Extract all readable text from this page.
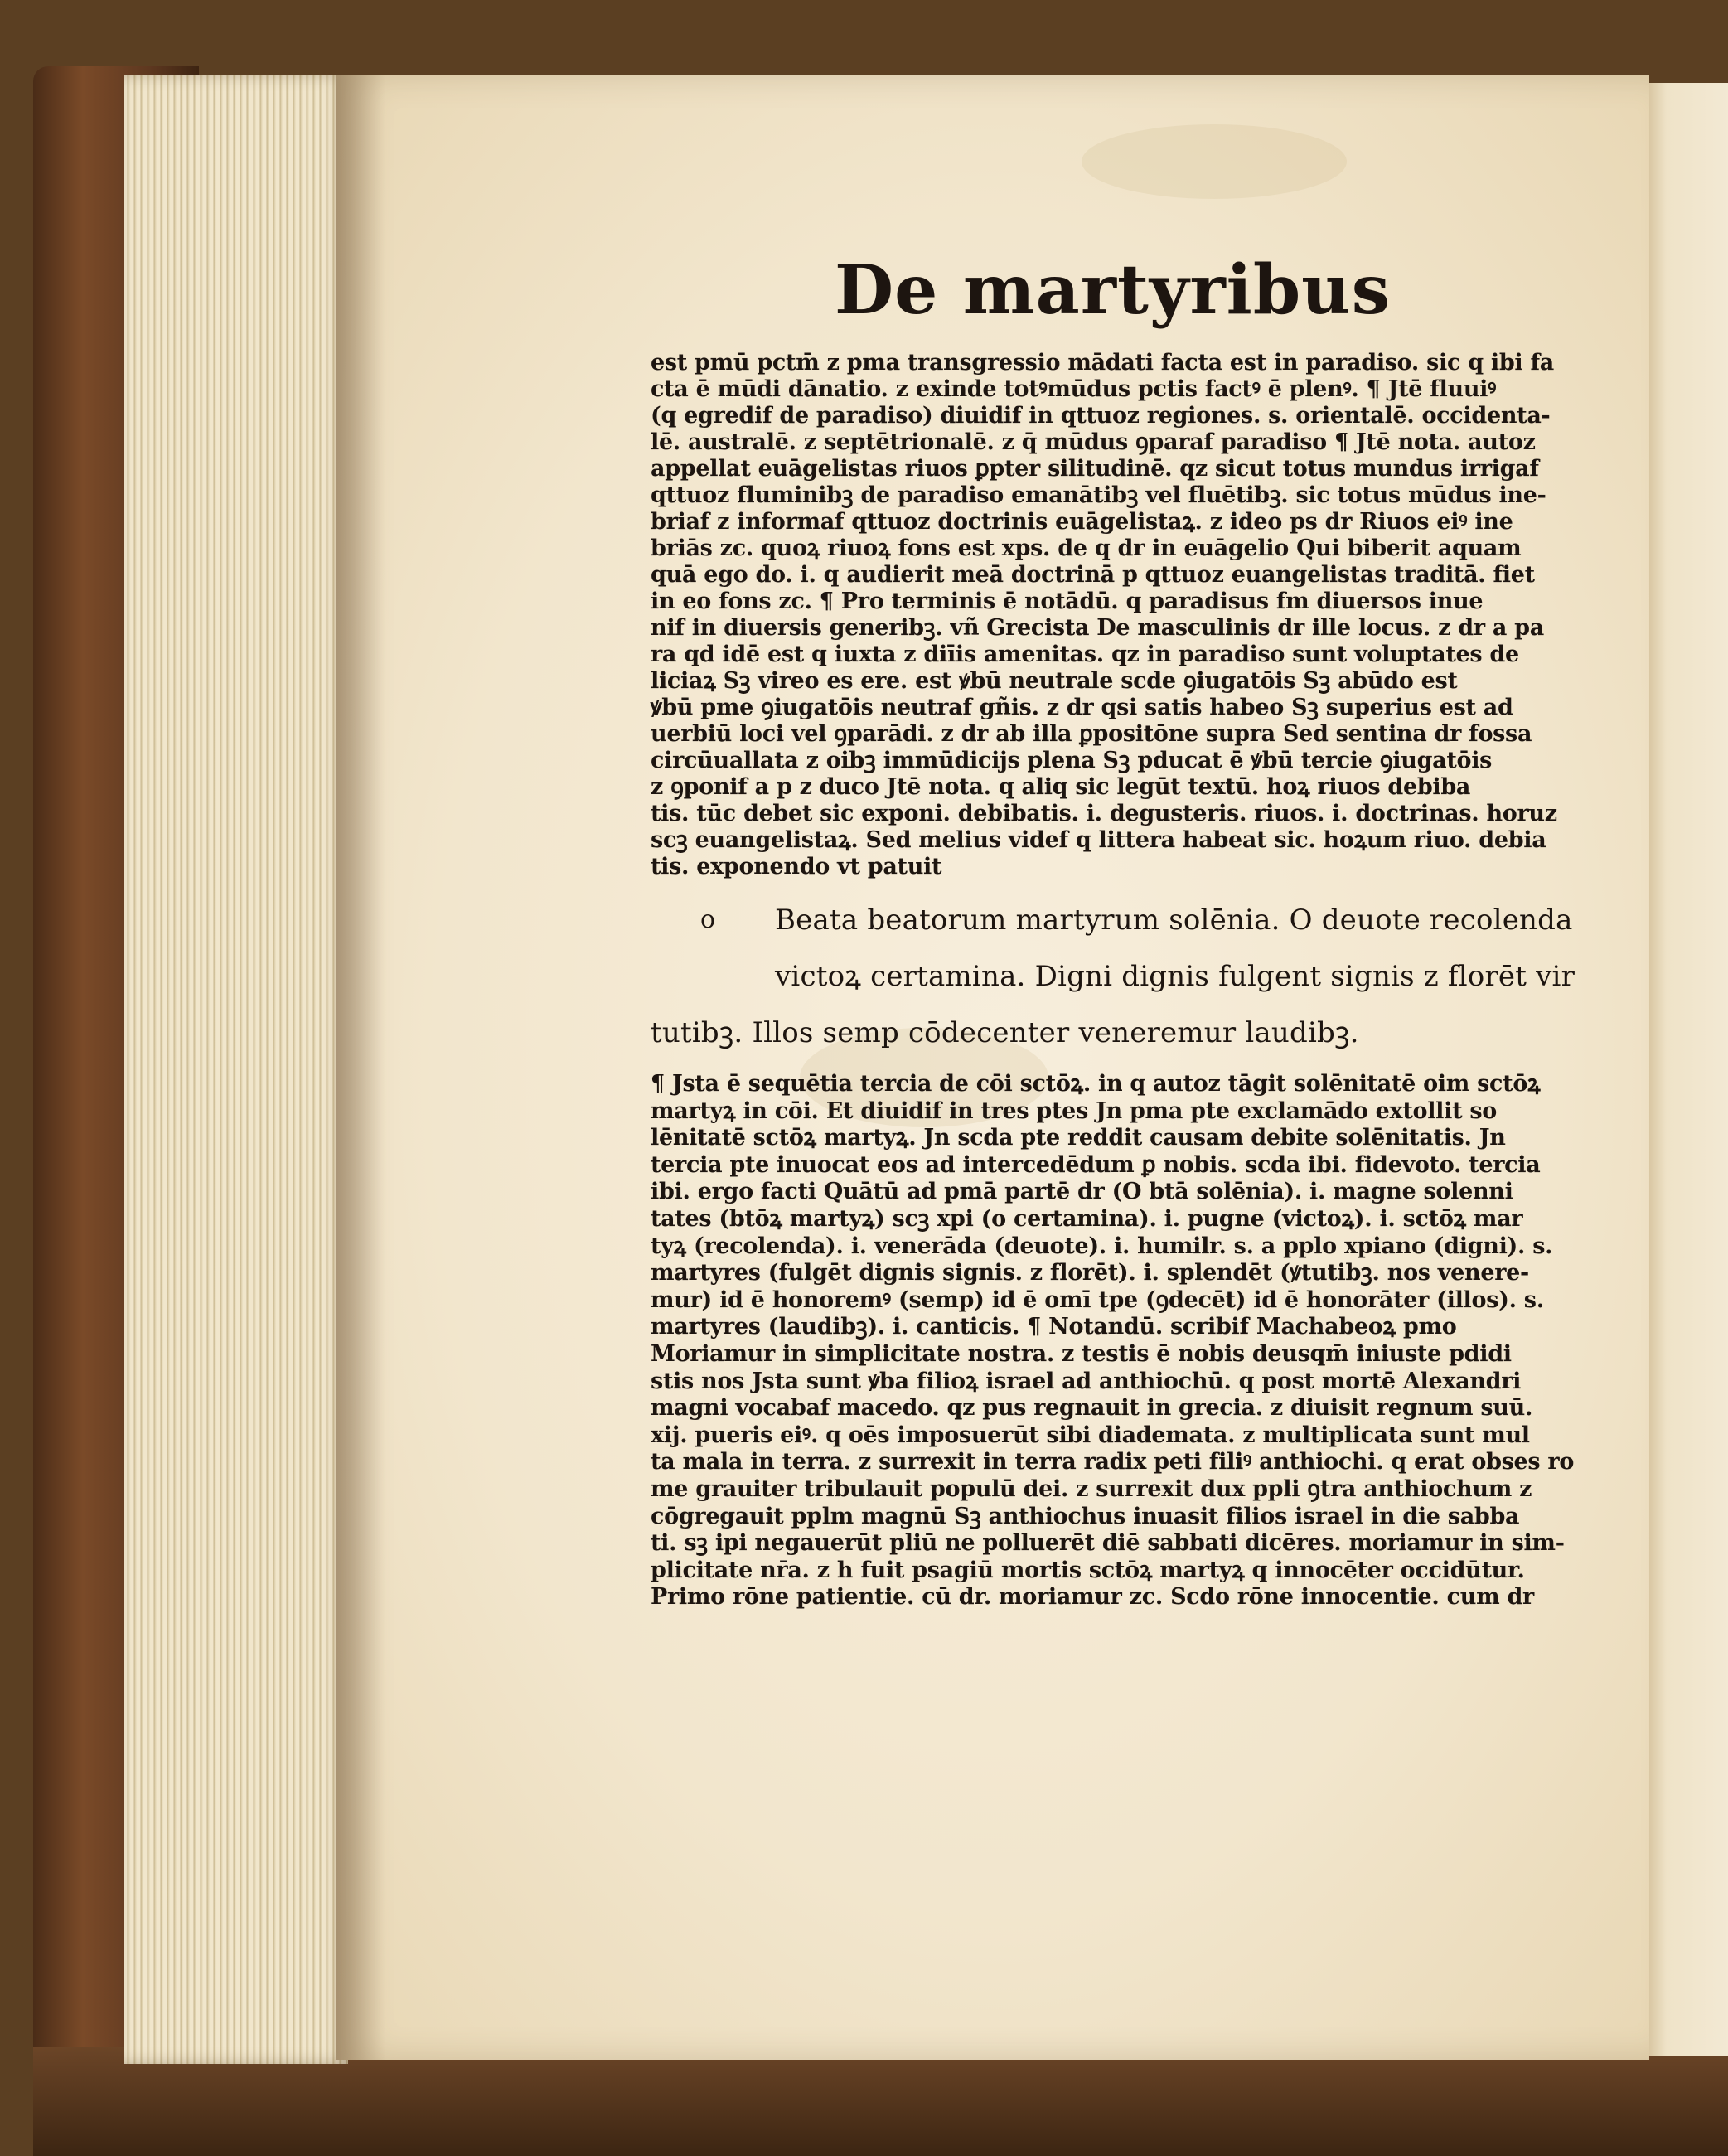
De martyribus
est pmū pctm̄ z pma transgressio mādati facta est in paradiso. sic q ibi fa
cta ē mūdi dānatio. z exinde totꝰmūdus pctis factꝰ ē plenꝰ. ¶ Jtē fluuiꝰ
(q egredif de paradiso) diuidif in qttuoz regiones. s. orientalē. occidenta-
lē. australē. z septētrionalē. z q̄ mūdus ꝯparaf paradiso ¶ Jtē nota. autoz
appellat euāgelistas riuos ꝑpter silitudinē. qz sicut totus mundus irrigaf
qttuoz fluminibꝫ de paradiso emanātibꝫ vel fluētibꝫ. sic totus mūdus ine-
briaf z informaf qttuoz doctrinis euāgelistaꝝ. z ideo ps dr Riuos eiꝰ ine
briās zc. quoꝝ riuoꝝ fons est xps. de q dr in euāgelio Qui biberit aquam
quā ego do. i. q audierit meā doctrinā p qttuoz euangelistas traditā. fiet
in eo fons zc. ¶ Pro terminis ē notādū. q paradisus fm diuersos inue
nif in diuersis generibꝫ. vñ Grecista De masculinis dr ille locus. z dr a pa
ra qd idē est q iuxta z diīis amenitas. qz in paradiso sunt voluptates de
liciaꝝ Sꝫ vireo es ere. est ꝟbū neutrale scde ꝯiugatōis Sꝫ abūdo est
ꝟbū pme ꝯiugatōis neutraf gñis. z dr qsi satis habeo Sꝫ superius est ad
uerbiū loci vel ꝯparādi. z dr ab illa ꝑpositōne supra Sed sentina dr fossa
circūuallata z oibꝫ immūdicijs plena Sꝫ pducat ē ꝟbū tercie ꝯiugatōis
z ꝯponif a p z duco Jtē nota. q aliq sic legūt textū. hoꝝ riuos debiba
tis. tūc debet sic exponi. debibatis. i. degusteris. riuos. i. doctrinas. horuz
scꝫ euangelistaꝝ. Sed melius videf q littera habeat sic. hoꝝum riuo. debia
tis. exponendo vt patuit
o	Beata beatorum martyrum solēnia. O deuote recolenda
victoꝝ certamina. Digni dignis fulgent signis z florēt vir
tutibꝫ. Illos semp cōdecenter veneremur laudibꝫ.
¶ Jsta ē sequētia tercia de cōi sctōꝝ. in q autoz tāgit solēnitatē oim sctōꝝ
martyꝝ in cōi. Et diuidif in tres ptes Jn pma pte exclamādo extollit so
lēnitatē sctōꝝ martyꝝ. Jn scda pte reddit causam debite solēnitatis. Jn
tercia pte inuocat eos ad intercedēdum ꝑ nobis. scda ibi. fidevoto. tercia
ibi. ergo facti Quātū ad pmā partē dr (O btā solēnia). i. magne solenni
tates (btōꝝ martyꝝ) scꝫ xpi (o certamina). i. pugne (victoꝝ). i. sctōꝝ mar
tyꝝ (recolenda). i. venerāda (deuote). i. humilr. s. a pplo xpiano (digni). s.
martyres (fulgēt dignis signis. z florēt). i. splendēt (ꝟtutibꝫ. nos venere-
mur) id ē honoremꝰ (semp) id ē omī tpe (ꝯdecēt) id ē honorāter (illos). s.
martyres (laudibꝫ). i. canticis. ¶ Notandū. scribif Machabeoꝝ pmo
Moriamur in simplicitate nostra. z testis ē nobis deusqm̄ iniuste pdidi
stis nos Jsta sunt ꝟba filioꝝ israel ad anthiochū. q post mortē Alexandri
magni vocabaf macedo. qz pus regnauit in grecia. z diuisit regnum suū.
xij. pueris eiꝰ. q oēs imposuerūt sibi diademata. z multiplicata sunt mul
ta mala in terra. z surrexit in terra radix peti filiꝰ anthiochi. q erat obses ro
me grauiter tribulauit populū dei. z surrexit dux ppli ꝯtra anthiochum z
cōgregauit pplm magnū Sꝫ anthiochus inuasit filios israel in die sabba
ti. sꝫ ipi negauerūt pliū ne polluerēt diē sabbati dicēres. moriamur in sim-
plicitate nr̄a. z h fuit psagiū mortis sctōꝝ martyꝝ q innocēter occidūtur.
Primo rōne patientie. cū dr. moriamur zc. Scdo rōne innocentie. cum dr
